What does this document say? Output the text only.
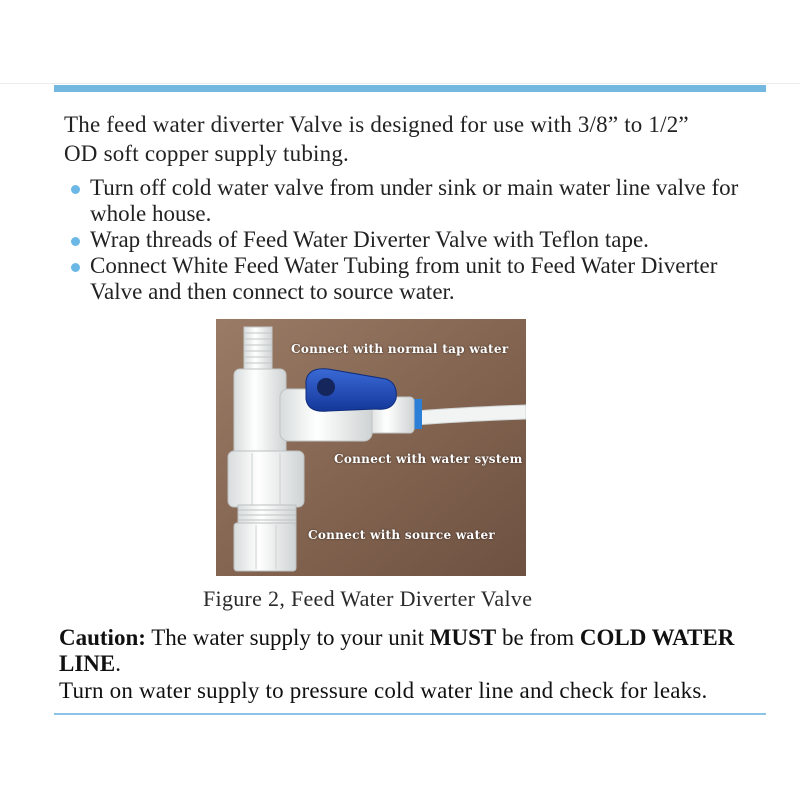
The feed water diverter Valve is designed for use with 3/8” to 1/2”
OD soft copper supply tubing.
Turn off cold water valve from under sink or main water line valve for whole house.
Wrap threads of Feed Water Diverter Valve with Teflon tape.
Connect White Feed Water Tubing from unit to Feed Water Diverter Valve and then connect to source water.
Connect with normal tap water
Connect with water system
Connect with source water
Figure 2, Feed Water Diverter Valve
Caution: The water supply to your unit MUST be from COLD WATER LINE.
Turn on water supply to pressure cold water line and check for leaks.
